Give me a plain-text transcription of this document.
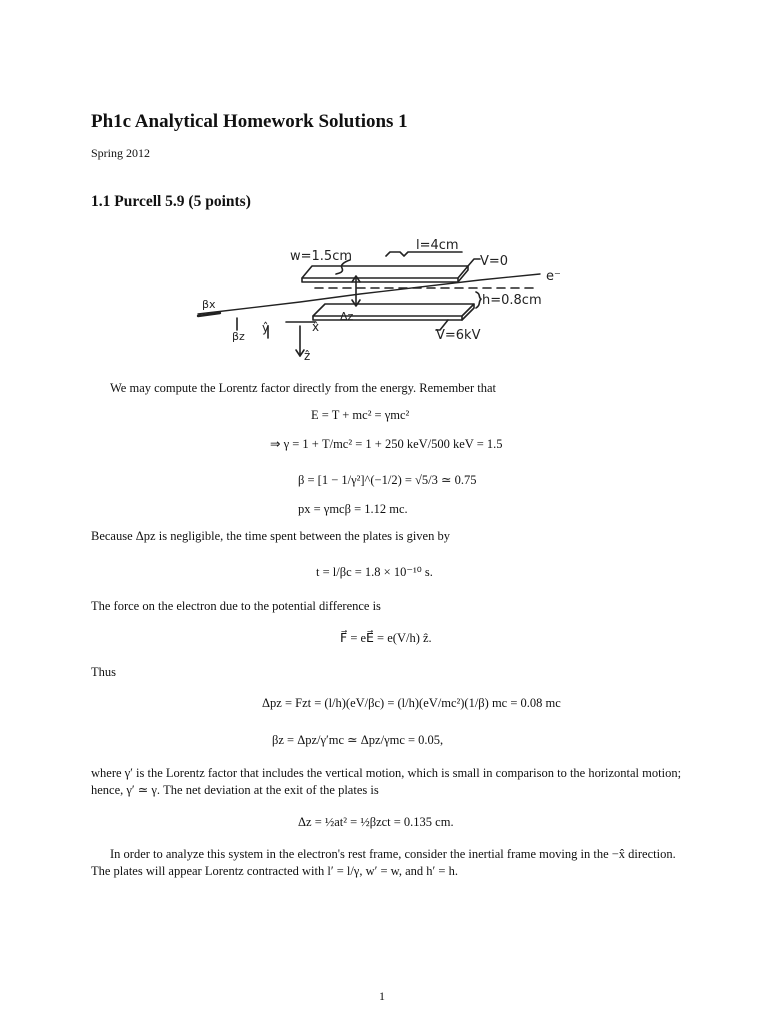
Ph1c Analytical Homework Solutions 1
Spring 2012
1.1 Purcell 5.9 (5 points)
w=1.5cm
l=4cm
V=0
e⁻
h=0.8cm
V=6kV
βx
βz
Δz
ŷ	x̂
ẑ
We may compute the Lorentz factor directly from the energy. Remember that
E = T + mc² = γmc²
⇒ γ = 1 + T/mc² = 1 + 250 keV/500 keV = 1.5
β = [1 − 1/γ²]^(−1/2) = √5/3 ≃ 0.75
px = γmcβ = 1.12 mc.
Because Δpz is negligible, the time spent between the plates is given by
t = l/βc = 1.8 × 10⁻¹⁰ s.
The force on the electron due to the potential difference is
F⃗ = eE⃗ = e(V/h) ẑ.
Thus
Δpz = Fzt = (l/h)(eV/βc) = (l/h)(eV/mc²)(1/β) mc = 0.08 mc
βz = Δpz/γ′mc ≃ Δpz/γmc = 0.05,
where γ′ is the Lorentz factor that includes the vertical motion, which is small in comparison to the horizontal motion; hence, γ′ ≃ γ. The net deviation at the exit of the plates is
Δz = ½at² = ½βzct = 0.135 cm.
In order to analyze this system in the electron's rest frame, consider the inertial frame moving in the −x̂ direction. The plates will appear Lorentz contracted with l′ = l/γ, w′ = w, and h′ = h.
1
